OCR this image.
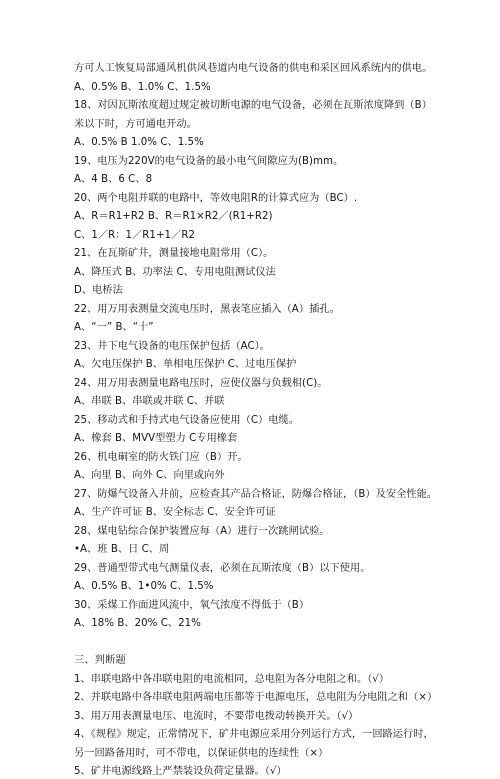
方可人工恢复局部通风机供风巷道内电气设备的供电和采区回风系统内的供电。
A、0.5% B、1.0% C、1.5%
18、对因瓦斯浓度超过规定被切断电源的电气设备，必须在瓦斯浓度降到（B）
米以下时，方可通电开动。
A、0.5% B 1.0% C、1.5%
19、电压为220V的电气设备的最小电气间隙应为(B)mm。
A、4 B、6 C、8
20、两个电阻并联的电路中，等效电阻R的计算式应为（BC）.
A、R＝R1+R2 B、R＝R1×R2／(R1+R2)
C、1／R：1／R1+1／R2
21、在瓦斯矿井，测量接地电阻常用（C）。
A、降压式 B、功率法 C、专用电阻测试仪法
D、电桥法
22、用万用表测量交流电压时，黑表笔应插入（A）插孔。
A、“一” B、“十”
23、井下电气设备的电压保护包括（AC）。
A、欠电压保护 B、单相电压保护 C、过电压保护
24、用万用表测量电路电压时，应使仪器与负载相(C)。
A、串联 B、串联或并联 C、并联
25、移动式和手持式电气设备应使用（C）电缆。
A、橡套 B、MVV型塑力 C专用橡套
26、机电硐室的防火铁门应（B）开。
A、向里 B、向外 C、向里或向外
27、防爆气设备入井前，应检查其产品合格证，防爆合格证，（B）及安全性能。
A、生产许可证 B、安全标志 C、安全许可证
28、煤电钻综合保护装置应每（A）进行一次跳闸试验。
•A、班 B、日 C、周
29、普通型带式电气测量仪表，必须在瓦斯浓度（B）以下使用。
A、0.5% B、1•0% C、1.5%
30、采煤工作面进风流中，氧气浓度不得低于（B）
A、18% B、20% C、21%
三、判断题
1、串联电路中各串联电阻的电流相同，总电阻为各分电阻之和。（√）
2、并联电路中各串联电阻两端电压都等于电源电压，总电阻为分电阻之和（×）
3、用万用表测量电压、电流时，不要带电拨动转换开关。（√）
4、《规程》规定，正常情况下，矿井电源应采用分列运行方式，一回路运行时，
另一回路备用时，可不带电，以保证供电的连续性（×）
5、矿井电源线路上严禁装设负荷定量器。（√）
